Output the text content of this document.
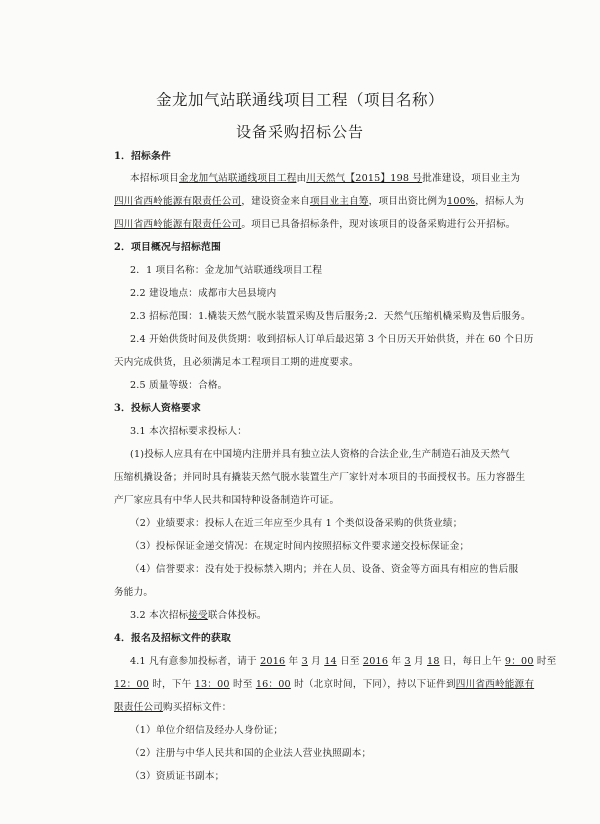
金龙加气站联通线项目工程（项目名称）
设备采购招标公告
1．招标条件
本招标项目金龙加气站联通线项目工程由川天然气【2015】198 号批准建设，项目业主为
四川省西岭能源有限责任公司，建设资金来自项目业主自筹，项目出资比例为100%，招标人为
四川省西岭能源有限责任公司。项目已具备招标条件，现对该项目的设备采购进行公开招标。
2．项目概况与招标范围
2．1 项目名称：金龙加气站联通线项目工程
2.2 建设地点：成都市大邑县境内
2.3 招标范围：1.橇装天然气脱水装置采购及售后服务;2．天然气压缩机橇采购及售后服务。
2.4 开始供货时间及供货期：收到招标人订单后最迟第 3 个日历天开始供货，并在 60 个日历
天内完成供货，且必须满足本工程项目工期的进度要求。
2.5 质量等级：合格。
3．投标人资格要求
3.1 本次招标要求投标人：
(1)投标人应具有在中国境内注册并具有独立法人资格的合法企业,生产制造石油及天然气
压缩机撬设备；并同时具有撬装天然气脱水装置生产厂家针对本项目的书面授权书。压力容器生
产厂家应具有中华人民共和国特种设备制造许可证。
（2）业绩要求：投标人在近三年应至少具有 1 个类似设备采购的供货业绩；
（3）投标保证金递交情况：在规定时间内按照招标文件要求递交投标保证金；
（4）信誉要求：没有处于投标禁入期内；并在人员、设备、资金等方面具有相应的售后服
务能力。
3.2 本次招标接受联合体投标。
4．报名及招标文件的获取
4.1 凡有意参加投标者，请于 2016 年 3 月 14 日至 2016 年 3 月 18 日，每日上午 9：00 时至
12：00 时，下午 13：00 时至 16：00 时（北京时间，下同），持以下证件到四川省西岭能源有
限责任公司购买招标文件：
（1）单位介绍信及经办人身份证；
（2）注册与中华人民共和国的企业法人营业执照副本；
（3）资质证书副本；
